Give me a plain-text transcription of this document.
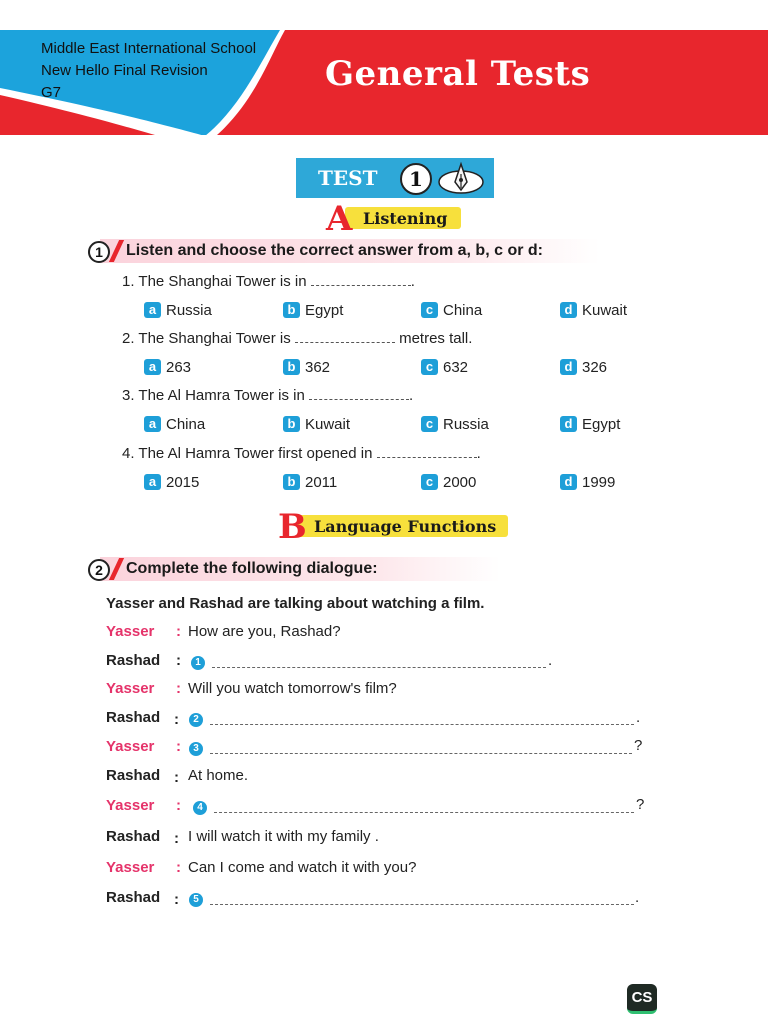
Middle East International School
New Hello Final Revision
G7	General Tests
TEST	1
A Listening
1	Listen and choose the correct answer from a, b, c or d:
1. The Shanghai Tower is in	.
a Russia	b Egypt	c China	d Kuwait
2. The Shanghai Tower is	metres tall.
a 263	b 362	c 632	d 326
3. The Al Hamra Tower is in	.
a China	b Kuwait	c Russia	d Egypt
4. The Al Hamra Tower first opened in	.
a 2015	b 2011	c 2000	d 1999
B Language Functions
2	Complete the following dialogue:
Yasser and Rashad are talking about watching a film.
Yasser : How are you, Rashad?
Rashad :	1	.
Yasser : Will you watch tomorrow's film?
Rashad :	2	.
Yasser :	3	?
Rashad : At home.
Yasser :	4	?
Rashad : I will watch it with my family .
Yasser : Can I come and watch it with you?
Rashad :	5	.
CS
